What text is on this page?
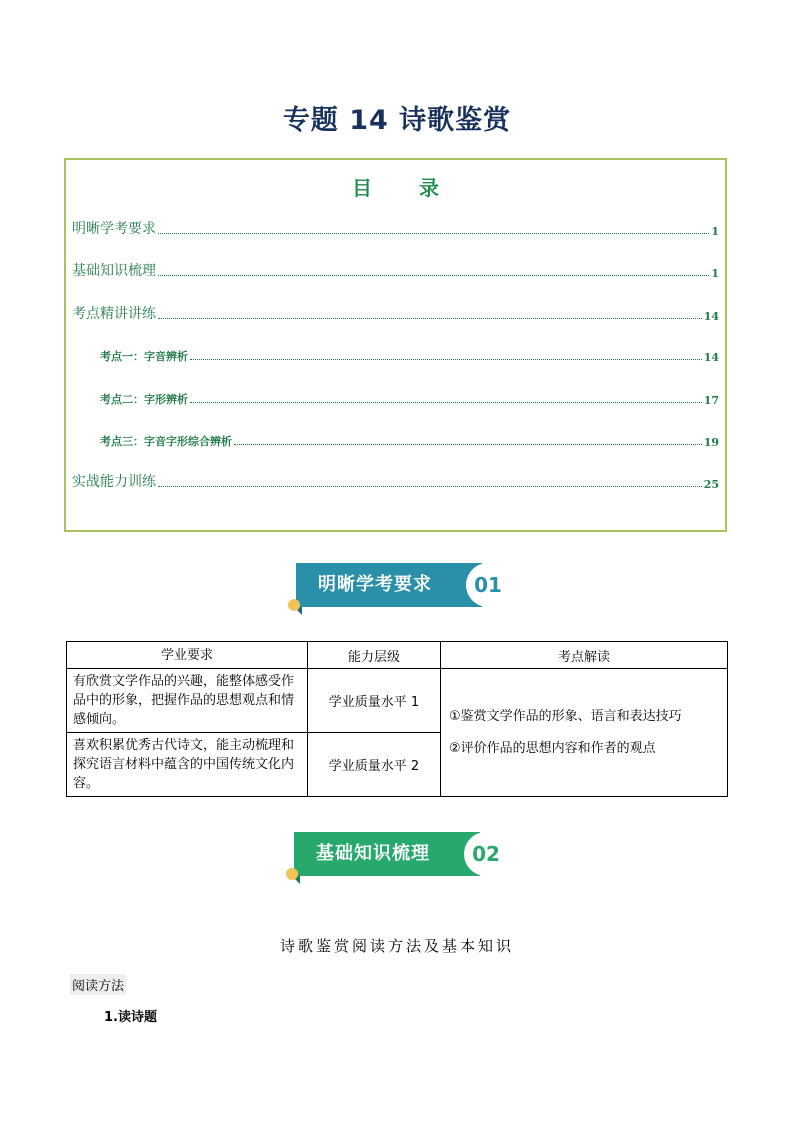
专题 14 诗歌鉴赏
目 录
明晰学考要求	1
基础知识梳理	1
考点精讲讲练	14
考点一：字音辨析	14
考点二：字形辨析	17
考点三：字音字形综合辨析	19
实战能力训练	25
明晰学考要求	01
学业要求	能力层级	考点解读
有欣赏文学作品的兴趣，能整体感受作品中的形象，把握作品的思想观点和情感倾向。	学业质量水平 1	①鉴赏文学作品的形象、语言和表达技巧
②评价作品的思想内容和作者的观点

喜欢积累优秀古代诗文，能主动梳理和探究语言材料中蕴含的中国传统文化内容。	学业质量水平 2	
基础知识梳理	02
诗歌鉴赏阅读方法及基本知识
阅读方法
1.读诗题
